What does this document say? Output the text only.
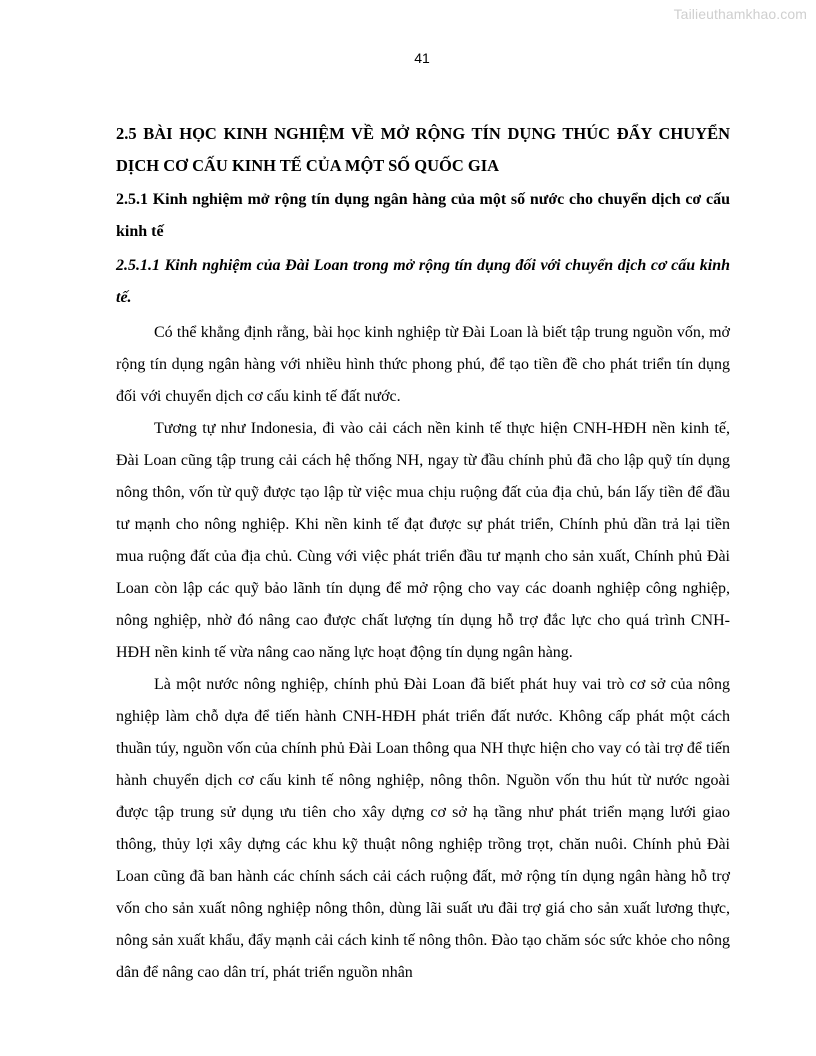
Tailieuthamkhao.com
41
2.5 BÀI HỌC KINH NGHIỆM VỀ MỞ RỘNG TÍN DỤNG THÚC ĐẨY CHUYỂN DỊCH CƠ CẤU KINH TẾ CỦA MỘT SỐ QUỐC GIA
2.5.1 Kinh nghiệm mở rộng tín dụng ngân hàng của một số nước cho chuyển dịch cơ cấu kinh tế
2.5.1.1 Kinh nghiệm của Đài Loan trong mở rộng tín dụng đối với chuyển dịch cơ cấu kinh tế.

Có thể khẳng định rằng, bài học kinh nghiệp từ Đài Loan là biết tập trung nguồn vốn, mở rộng tín dụng ngân hàng với nhiều hình thức phong phú, để tạo tiền đề cho phát triển tín dụng đối với chuyển dịch cơ cấu kinh tế đất nước.

Tương tự như Indonesia, đi vào cải cách nền kinh tế thực hiện CNH-HĐH nền kinh tế, Đài Loan cũng tập trung cải cách hệ thống NH, ngay từ đầu chính phủ đã cho lập quỹ tín dụng nông thôn, vốn từ quỹ được tạo lập từ việc mua chịu ruộng đất của địa chủ, bán lấy tiền để đầu tư mạnh cho nông nghiệp. Khi nền kinh tế đạt được sự phát triển, Chính phủ dần trả lại tiền mua ruộng đất của địa chủ. Cùng với việc phát triển đầu tư mạnh cho sản xuất, Chính phủ Đài Loan còn lập các quỹ bảo lãnh tín dụng để mở rộng cho vay các doanh nghiệp công nghiệp, nông nghiệp, nhờ đó nâng cao được chất lượng tín dụng hỗ trợ đắc lực cho quá trình CNH-HĐH nền kinh tế vừa nâng cao năng lực hoạt động tín dụng ngân hàng.

Là một nước nông nghiệp, chính phủ Đài Loan đã biết phát huy vai trò cơ sở của nông nghiệp làm chỗ dựa để tiến hành CNH-HĐH phát triển đất nước. Không cấp phát một cách thuần túy, nguồn vốn của chính phủ Đài Loan thông qua NH thực hiện cho vay có tài trợ để tiến hành chuyển dịch cơ cấu kinh tế nông nghiệp, nông thôn. Nguồn vốn thu hút từ nước ngoài được tập trung sử dụng ưu tiên cho xây dựng cơ sở hạ tầng như phát triển mạng lưới giao thông, thủy lợi xây dựng các khu kỹ thuật nông nghiệp trồng trọt, chăn nuôi. Chính phủ Đài Loan cũng đã ban hành các chính sách cải cách ruộng đất, mở rộng tín dụng ngân hàng hỗ trợ vốn cho sản xuất nông nghiệp nông thôn, dùng lãi suất ưu đãi trợ giá cho sản xuất lương thực, nông sản xuất khẩu, đẩy mạnh cải cách kinh tế nông thôn. Đào tạo chăm sóc sức khỏe cho nông dân để nâng cao dân trí, phát triển nguồn nhân
